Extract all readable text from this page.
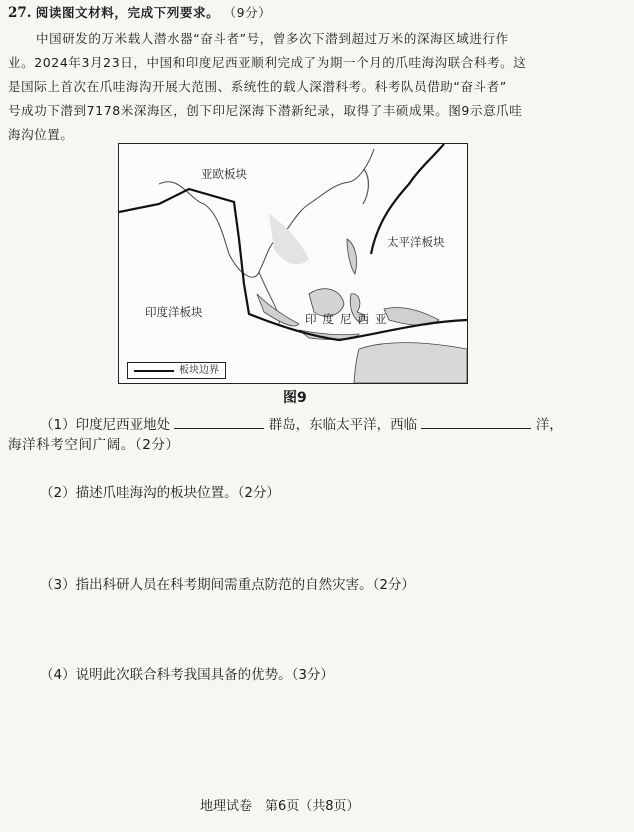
27. 阅读图文材料，完成下列要求。 （9分）
中国研发的万米载人潜水器“奋斗者”号，曾多次下潜到超过万米的深海区域进行作
业。2024年3月23日，中国和印度尼西亚顺利完成了为期一个月的爪哇海沟联合科考。这
是国际上首次在爪哇海沟开展大范围、系统性的载人深潜科考。科考队员借助“奋斗者”
号成功下潜到7178米深海区，创下印尼深海下潜新纪录，取得了丰硕成果。图9示意爪哇
海沟位置。
亚欧板块
太平洋板块
印度洋板块	印度尼西亚
板块边界
图9
（1）印度尼西亚地处	群岛，东临太平洋，西临	洋，
海洋科考空间广阔。（2分）
（2）描述爪哇海沟的板块位置。（2分）
（3）指出科研人员在科考期间需重点防范的自然灾害。（2分）
（4）说明此次联合科考我国具备的优势。（3分）
地理试卷　第6页（共8页）
